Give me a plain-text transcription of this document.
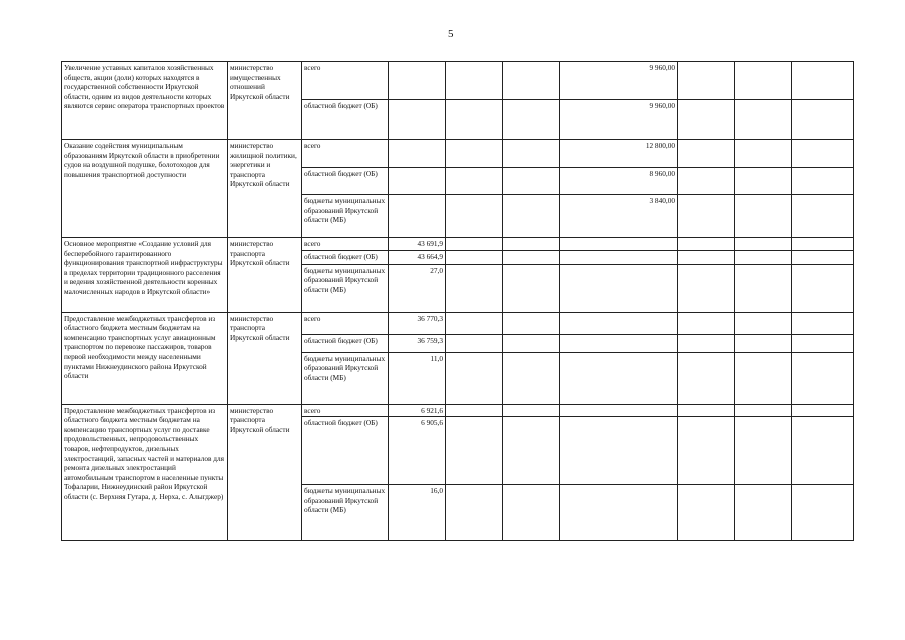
5
Увеличение уставных капиталов хозяйственных обществ, акции (доли) которых находятся в государственной собственности Иркутской области, одним из видов деятельности которых являются сервис оператора транспортных проектов	министерство имущественных отношений Иркутской области	всего				9 960,00			
		областной бюджет (ОБ)				9 960,00			
Оказание содействия муниципальным образованиям Иркутской области в приобретении судов на воздушной подушке, болотоходов для повышения транспортной доступности	министерство жилищной политики, энергетики и транспорта Иркутской области	всего				12 800,00			
		областной бюджет (ОБ)				8 960,00			
		бюджеты муниципальных образований Иркутской области (МБ)				3 840,00			
Основное мероприятие «Создание условий для бесперебойного гарантированного функционирования транспортной инфраструктуры в пределах территории традиционного расселения и ведения хозяйственной деятельности коренных малочисленных народов в Иркутской области»	министерство транспорта Иркутской области	всего	43 691,9						
		областной бюджет (ОБ)	43 664,9						
		бюджеты муниципальных образований Иркутской области (МБ)	27,0						
Предоставление межбюджетных трансфертов из областного бюджета местным бюджетам на компенсацию транспортных услуг авиационным транспортом по перевозке пассажиров, товаров первой необходимости между населенными пунктами Нижнеудинского района Иркутской области	министерство транспорта Иркутской области	всего	36 770,3						
		областной бюджет (ОБ)	36 759,3						
		бюджеты муниципальных образований Иркутской области (МБ)	11,0						
Предоставление межбюджетных трансфертов из областного бюджета местным бюджетам на компенсацию транспортных услуг по доставке продовольственных, непродовольственных товаров, нефтепродуктов, дизельных электростанций, запасных частей и материалов для ремонта дизельных электростанций автомобильным транспортом в населенные пункты Тофаларии, Нижнеудинский район Иркутской области (с. Верхняя Гутара, д. Нерха, с. Алыгджер)	министерство транспорта Иркутской области	всего	6 921,6						
		областной бюджет (ОБ)	6 905,6						
		бюджеты муниципальных образований Иркутской области (МБ)	16,0						
